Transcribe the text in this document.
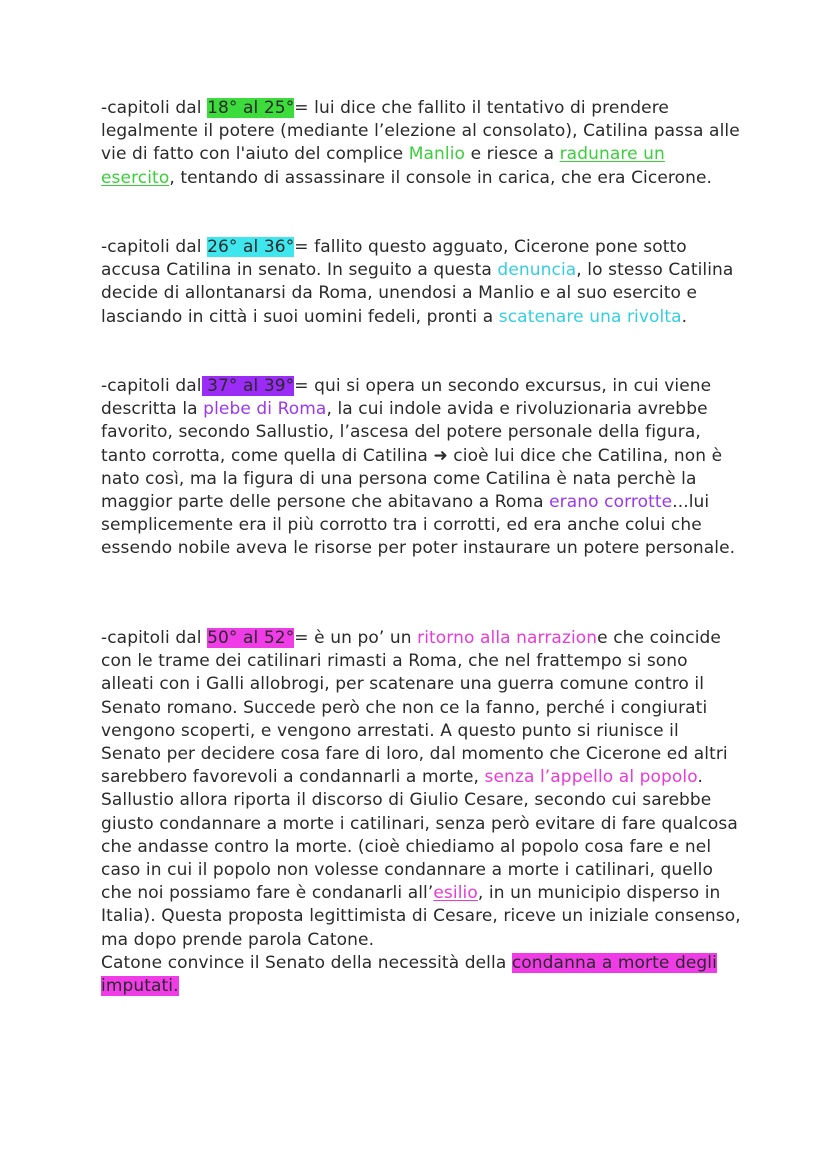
-capitoli dal 18° al 25°= lui dice che fallito il tentativo di prendere legalmente il potere (mediante l’elezione al consolato), Catilina passa alle vie di fatto con l'aiuto del complice Manlio e riesce a radunare un esercito, tentando di assassinare il console in carica, che era Cicerone.

-capitoli dal 26° al 36°= fallito questo agguato, Cicerone pone sotto accusa Catilina in senato. In seguito a questa denuncia, lo stesso Catilina decide di allontanarsi da Roma, unendosi a Manlio e al suo esercito e lasciando in città i suoi uomini fedeli, pronti a scatenare una rivolta.

-capitoli dal 37° al 39°= qui si opera un secondo excursus, in cui viene descritta la plebe di Roma, la cui indole avida e rivoluzionaria avrebbe favorito, secondo Sallustio, l’ascesa del potere personale della figura, tanto corrotta, come quella di Catilina ➜ cioè lui dice che Catilina, non è nato così, ma la figura di una persona come Catilina è nata perchè la maggior parte delle persone che abitavano a Roma erano corrotte...lui semplicemente era il più corrotto tra i corrotti, ed era anche colui che essendo nobile aveva le risorse per poter instaurare un potere personale.

-capitoli dal 50° al 52°= è un po’ un ritorno alla narrazione che coincide con le trame dei catilinari rimasti a Roma, che nel frattempo si sono alleati con i Galli allobrogi, per scatenare una guerra comune contro il Senato romano. Succede però che non ce la fanno, perché i congiurati vengono scoperti, e vengono arrestati. A questo punto si riunisce il Senato per decidere cosa fare di loro, dal momento che Cicerone ed altri sarebbero favorevoli a condannarli a morte, senza l’appello al popolo. Sallustio allora riporta il discorso di Giulio Cesare, secondo cui sarebbe giusto condannare a morte i catilinari, senza però evitare di fare qualcosa che andasse contro la morte. (cioè chiediamo al popolo cosa fare e nel caso in cui il popolo non volesse condannare a morte i catilinari, quello che noi possiamo fare è condanarli all’esilio, in un municipio disperso in Italia). Questa proposta legittimista di Cesare, riceve un iniziale consenso, ma dopo prende parola Catone.
Catone convince il Senato della necessità della condanna a morte degli imputati.
